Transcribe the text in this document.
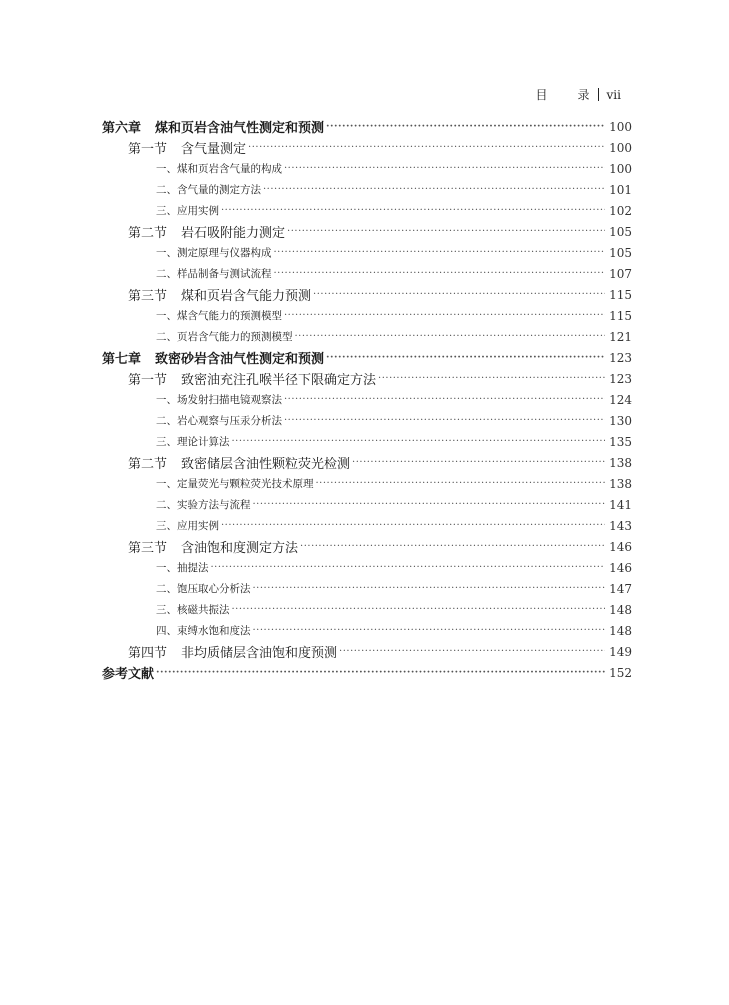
目	录 vii
第六章 煤和页岩含油气性测定和预测 ·····	100
第一节 含气量测定 ·····	100
一、煤和页岩含气量的构成 ·····	100
二、含气量的测定方法 ·····	101
三、应用实例 ·····	102
第二节 岩石吸附能力测定 ·····	105
一、测定原理与仪器构成 ·····	105
二、样品制备与测试流程 ·····	107
第三节 煤和页岩含气能力预测 ·····	115
一、煤含气能力的预测模型 ·····	115
二、页岩含气能力的预测模型 ·····	121
第七章 致密砂岩含油气性测定和预测 ·····	123
第一节 致密油充注孔喉半径下限确定方法 ·····	123
一、场发射扫描电镜观察法 ·····	124
二、岩心观察与压汞分析法 ·····	130
三、理论计算法 ·····	135
第二节 致密储层含油性颗粒荧光检测 ·····	138
一、定量荧光与颗粒荧光技术原理 ·····	138
二、实验方法与流程 ·····	141
三、应用实例 ·····	143
第三节 含油饱和度测定方法 ·····	146
一、抽提法 ·····	146
二、饱压取心分析法 ·····	147
三、核磁共振法 ·····	148
四、束缚水饱和度法 ·····	148
第四节 非均质储层含油饱和度预测 ·····	149
参考文献 ·····	152
